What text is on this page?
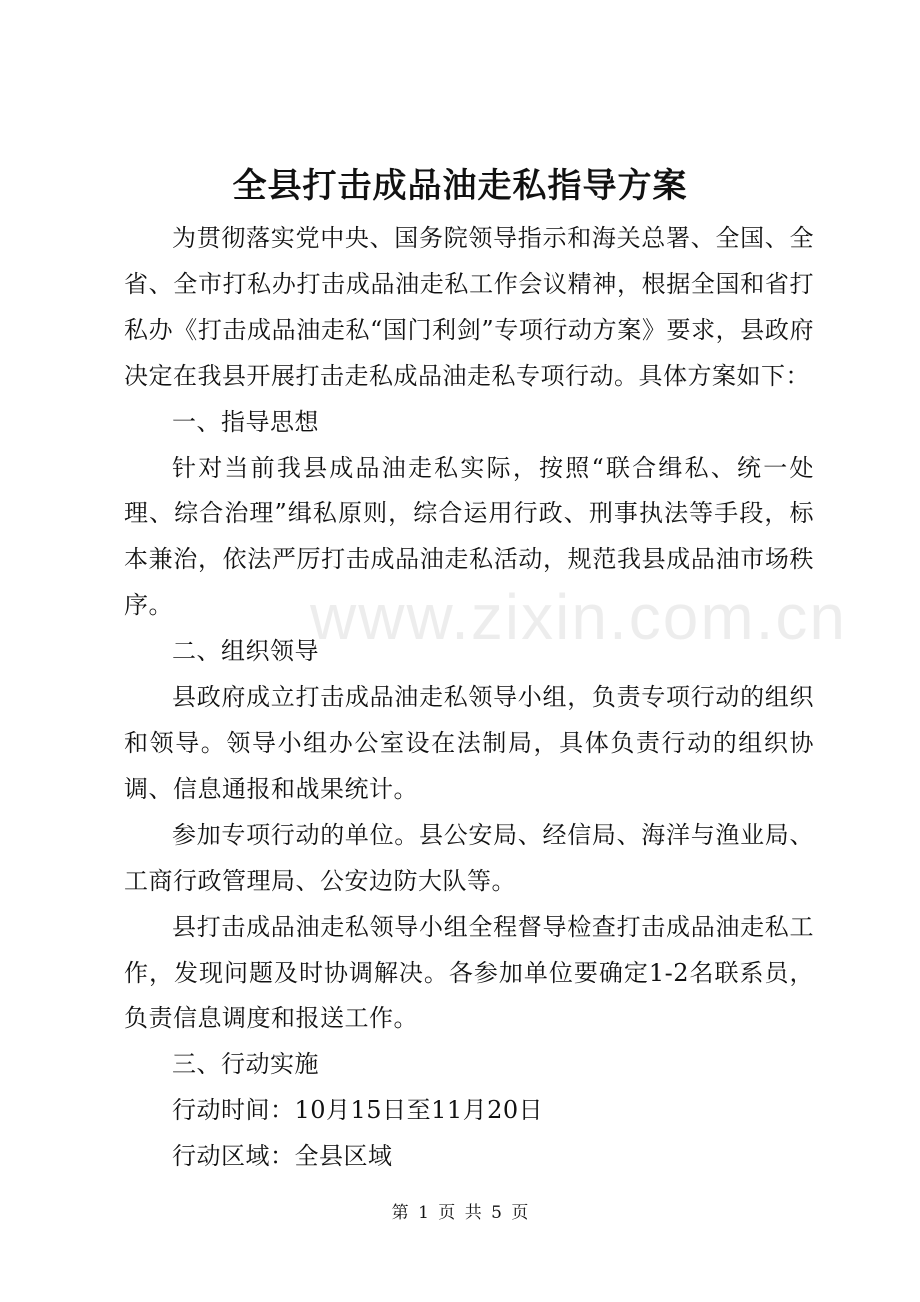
全县打击成品油走私指导方案

为贯彻落实党中央、国务院领导指示和海关总署、全国、全省、全市打私办打击成品油走私工作会议精神，根据全国和省打私办《打击成品油走私“国门利剑”专项行动方案》要求，县政府决定在我县开展打击走私成品油走私专项行动。具体方案如下：

一、指导思想

针对当前我县成品油走私实际，按照“联合缉私、统一处理、综合治理”缉私原则，综合运用行政、刑事执法等手段，标本兼治，依法严厉打击成品油走私活动，规范我县成品油市场秩序。

二、组织领导

县政府成立打击成品油走私领导小组，负责专项行动的组织和领导。领导小组办公室设在法制局，具体负责行动的组织协调、信息通报和战果统计。

参加专项行动的单位。县公安局、经信局、海洋与渔业局、工商行政管理局、公安边防大队等。

县打击成品油走私领导小组全程督导检查打击成品油走私工作，发现问题及时协调解决。各参加单位要确定1-2名联系员，负责信息调度和报送工作。

三、行动实施

行动时间：10月15日至11月20日

行动区域：全县区域

www.zixin.com.cn
第 1 页 共 5 页
